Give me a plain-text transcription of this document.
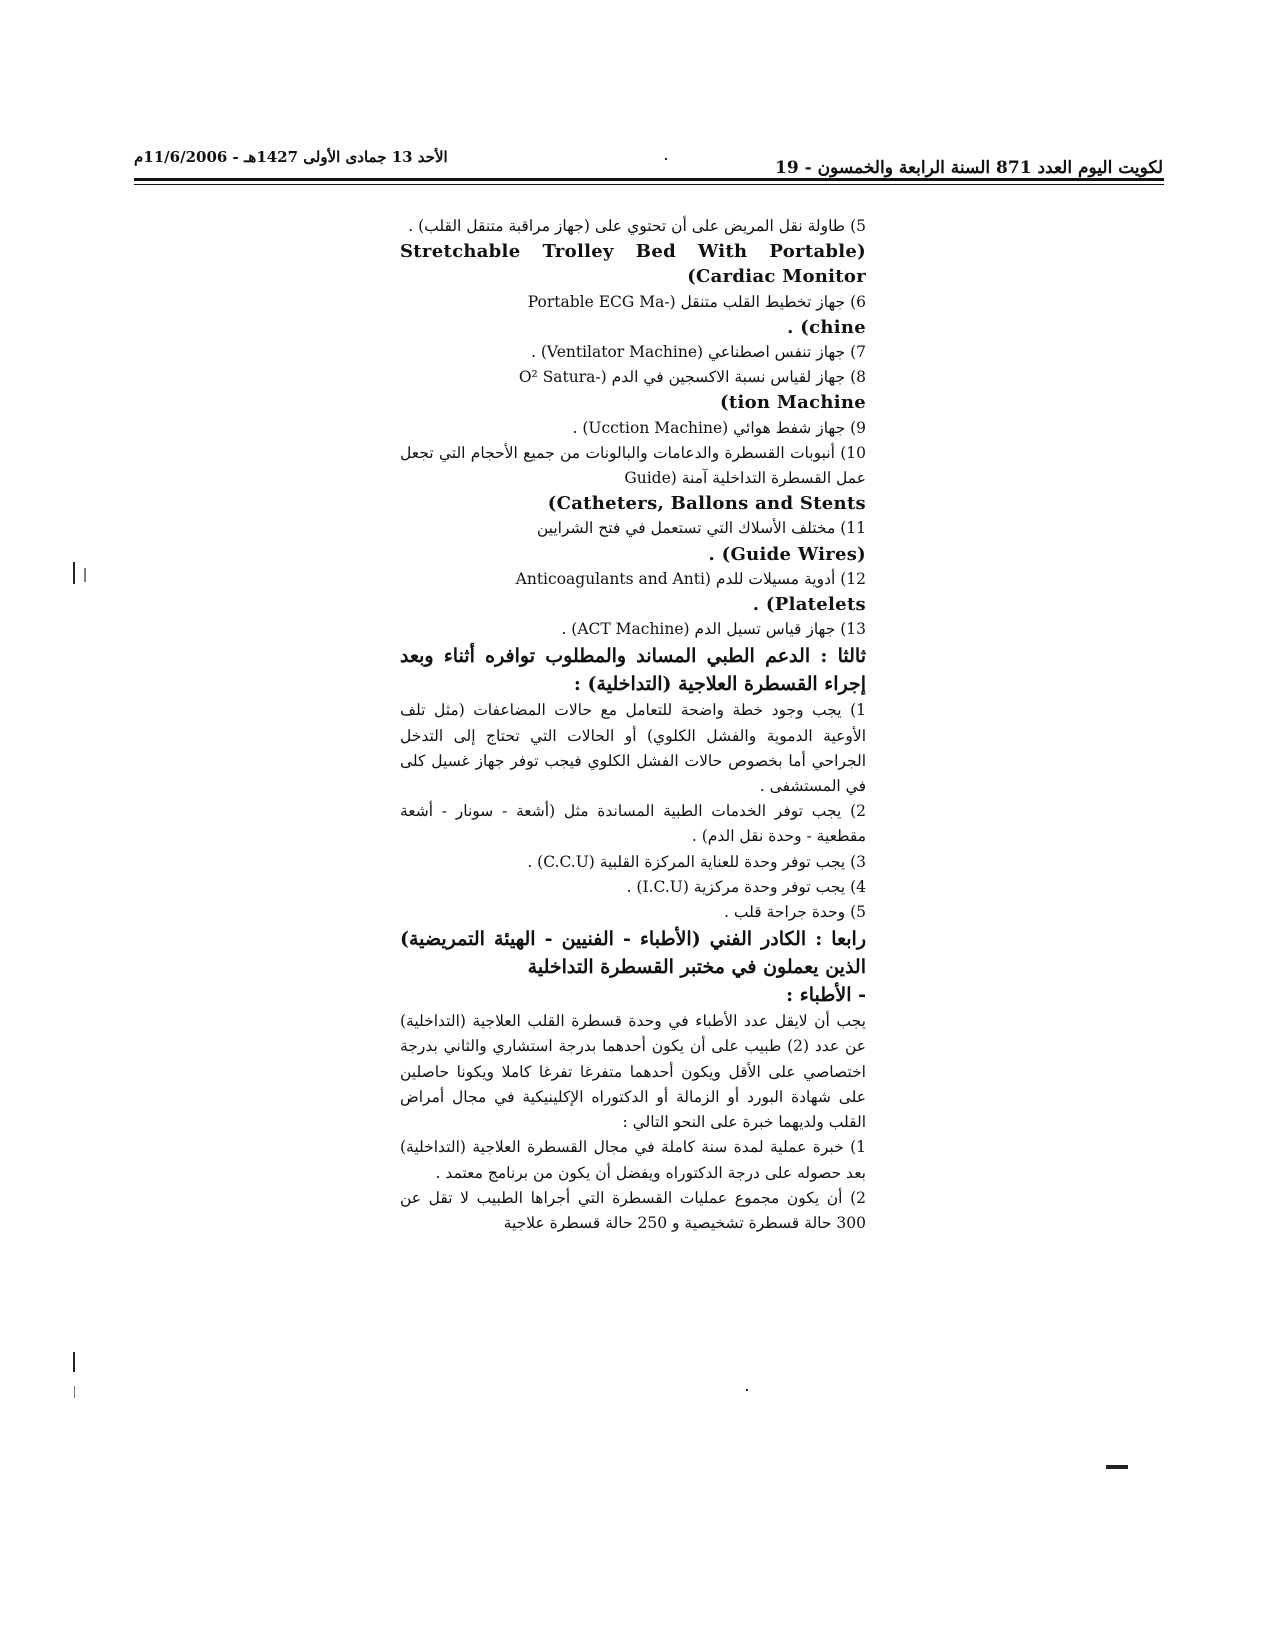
لكويت اليوم العدد 871 السنة الرابعة والخمسون - 19
الأحد 13 جمادى الأولى 1427هـ - 11/6/2006م

5) طاولة نقل المريض على أن تحتوي على (جهاز مراقبة متنقل القلب) .

Stretchable Trolley Bed With Portable)

(Cardiac Monitor

6) جهاز تخطيط القلب متنقل (-Portable ECG Ma

. (chine

7) جهاز تنفس اصطناعي (Ventilator Machine) .

8) جهاز لقياس نسبة الاكسجين في الدم (-O² Satura

(tion Machine

9) جهاز شفط هوائي (Ucction Machine) .

10) أنبوبات القسطرة والدعامات والبالونات من جميع الأحجام التي تجعل عمل القسطرة التداخلية آمنة (Guide

(Catheters, Ballons and Stents

11) مختلف الأسلاك التي تستعمل في فتح الشرايين

. (Guide Wires)

12) أدوية مسيلات للدم (Anticoagulants and Anti

. (Platelets

13) جهاز قياس تسيل الدم (ACT Machine) .

ثالثا : الدعم الطبي المساند والمطلوب توافره أثناء وبعد إجراء القسطرة العلاجية (التداخلية) :

1) يجب وجود خطة واضحة للتعامل مع حالات المضاعفات (مثل تلف الأوعية الدموية والفشل الكلوي) أو الحالات التي تحتاج إلى التدخل الجراحي أما بخصوص حالات الفشل الكلوي فيجب توفر جهاز غسيل كلى في المستشفى .

2) يجب توفر الخدمات الطبية المساندة مثل (أشعة - سونار - أشعة مقطعية - وحدة نقل الدم) .

3) يجب توفر وحدة للعناية المركزة القلبية (C.C.U) .

4) يجب توفر وحدة مركزية (I.C.U) .

5) وحدة جراحة قلب .

رابعا : الكادر الفني (الأطباء - الفنيين - الهيئة التمريضية) الذين يعملون في مختبر القسطرة التداخلية

- الأطباء :

يجب أن لايقل عدد الأطباء في وحدة قسطرة القلب العلاجية (التداخلية) عن عدد (2) طبيب على أن يكون أحدهما بدرجة استشاري والثاني بدرجة اختصاصي على الأقل ويكون أحدهما متفرغا تفرغا كاملا ويكونا حاصلين على شهادة البورد أو الزمالة أو الدكتوراه الإكلينيكية في مجال أمراض القلب ولديهما خبرة على النحو التالي :

1) خبرة عملية لمدة سنة كاملة في مجال القسطرة العلاجية (التداخلية) بعد حصوله على درجة الدكتوراه ويفضل أن يكون من برنامج معتمد .

2) أن يكون مجموع عمليات القسطرة التي أجراها الطبيب لا تقل عن 300 حالة قسطرة تشخيصية و 250 حالة قسطرة علاجية
